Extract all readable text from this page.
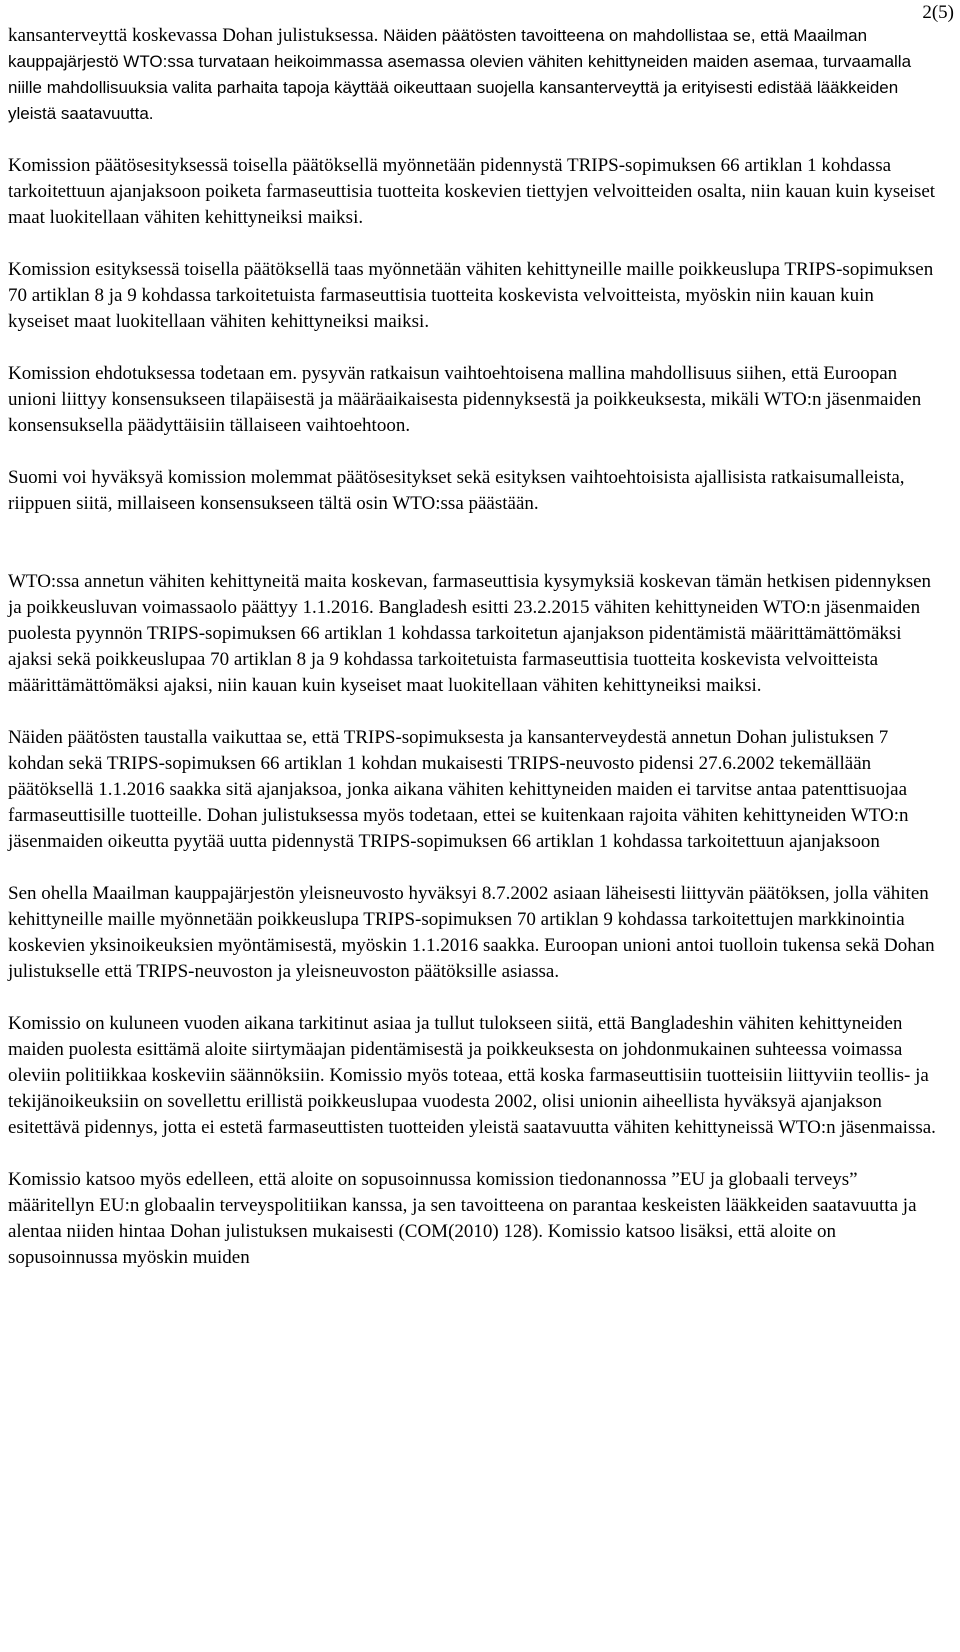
2(5)

kansanterveyttä koskevassa Dohan julistuksessa. Näiden päätösten tavoitteena on mahdollistaa se, että Maailman kauppajärjestö WTO:ssa turvataan heikoimmassa asemassa olevien vähiten kehittyneiden maiden asemaa, turvaamalla niille mahdollisuuksia valita parhaita tapoja käyttää oikeuttaan suojella kansanterveyttä ja erityisesti edistää lääkkeiden yleistä saatavuutta.

Komission päätösesityksessä toisella päätöksellä myönnetään pidennystä TRIPS-sopimuksen 66 artiklan 1 kohdassa tarkoitettuun ajanjaksoon poiketa farmaseuttisia tuotteita koskevien tiettyjen velvoitteiden osalta, niin kauan kuin kyseiset maat luokitellaan vähiten kehittyneiksi maiksi.

Komission esityksessä toisella päätöksellä taas myönnetään vähiten kehittyneille maille poikkeuslupa TRIPS-sopimuksen 70 artiklan 8 ja 9 kohdassa tarkoitetuista farmaseuttisia tuotteita koskevista velvoitteista, myöskin niin kauan kuin kyseiset maat luokitellaan vähiten kehittyneiksi maiksi.

Komission ehdotuksessa todetaan em. pysyvän ratkaisun vaihtoehtoisena mallina mahdollisuus siihen, että Euroopan unioni liittyy konsensukseen tilapäisestä ja määräaikaisesta pidennyksestä ja poikkeuksesta, mikäli WTO:n jäsenmaiden konsensuksella päädyttäisiin tällaiseen vaihtoehtoon.

Suomi voi hyväksyä komission molemmat päätösesitykset sekä esityksen vaihtoehtoisista ajallisista ratkaisumalleista, riippuen siitä, millaiseen konsensukseen tältä osin WTO:ssa päästään.

WTO:ssa annetun vähiten kehittyneitä maita koskevan, farmaseuttisia kysymyksiä koskevan tämän hetkisen pidennyksen ja poikkeusluvan voimassaolo päättyy 1.1.2016. Bangladesh esitti 23.2.2015 vähiten kehittyneiden WTO:n jäsenmaiden puolesta pyynnön TRIPS-sopimuksen 66 artiklan 1 kohdassa tarkoitetun ajanjakson pidentämistä määrittämättömäksi ajaksi sekä poikkeuslupaa 70 artiklan 8 ja 9 kohdassa tarkoitetuista farmaseuttisia tuotteita koskevista velvoitteista määrittämättömäksi ajaksi, niin kauan kuin kyseiset maat luokitellaan vähiten kehittyneiksi maiksi.

Näiden päätösten taustalla vaikuttaa se, että TRIPS-sopimuksesta ja kansanterveydestä annetun Dohan julistuksen 7 kohdan sekä TRIPS-sopimuksen 66 artiklan 1 kohdan mukaisesti TRIPS-neuvosto pidensi 27.6.2002 tekemällään päätöksellä 1.1.2016 saakka sitä ajanjaksoa, jonka aikana vähiten kehittyneiden maiden ei tarvitse antaa patenttisuojaa farmaseuttisille tuotteille. Dohan julistuksessa myös todetaan, ettei se kuitenkaan rajoita vähiten kehittyneiden WTO:n jäsenmaiden oikeutta pyytää uutta pidennystä TRIPS-sopimuksen 66 artiklan 1 kohdassa tarkoitettuun ajanjaksoon

Sen ohella Maailman kauppajärjestön yleisneuvosto hyväksyi 8.7.2002 asiaan läheisesti liittyvän päätöksen, jolla vähiten kehittyneille maille myönnetään poikkeuslupa TRIPS-sopimuksen 70 artiklan 9 kohdassa tarkoitettujen markkinointia koskevien yksinoikeuksien myöntämisestä, myöskin 1.1.2016 saakka. Euroopan unioni antoi tuolloin tukensa sekä Dohan julistukselle että TRIPS-neuvoston ja yleisneuvoston päätöksille asiassa.

Komissio on kuluneen vuoden aikana tarkitinut asiaa ja tullut tulokseen siitä, että Bangladeshin vähiten kehittyneiden maiden puolesta esittämä aloite siirtymäajan pidentämisestä ja poikkeuksesta on johdonmukainen suhteessa voimassa oleviin politiikkaa koskeviin säännöksiin. Komissio myös toteaa, että koska farmaseuttisiin tuotteisiin liittyviin teollis- ja tekijänoikeuksiin on sovellettu erillistä poikkeuslupaa vuodesta 2002, olisi unionin aiheellista hyväksyä ajanjakson esitettävä pidennys, jotta ei estetä farmaseuttisten tuotteiden yleistä saatavuutta vähiten kehittyneissä WTO:n jäsenmaissa.

Komissio katsoo myös edelleen, että aloite on sopusoinnussa komission tiedonannossa ”EU ja globaali terveys” määritellyn EU:n globaalin terveyspolitiikan kanssa, ja sen tavoitteena on parantaa keskeisten lääkkeiden saatavuutta ja alentaa niiden hintaa Dohan julistuksen mukaisesti (COM(2010) 128). Komissio katsoo lisäksi, että aloite on sopusoinnussa myöskin muiden
